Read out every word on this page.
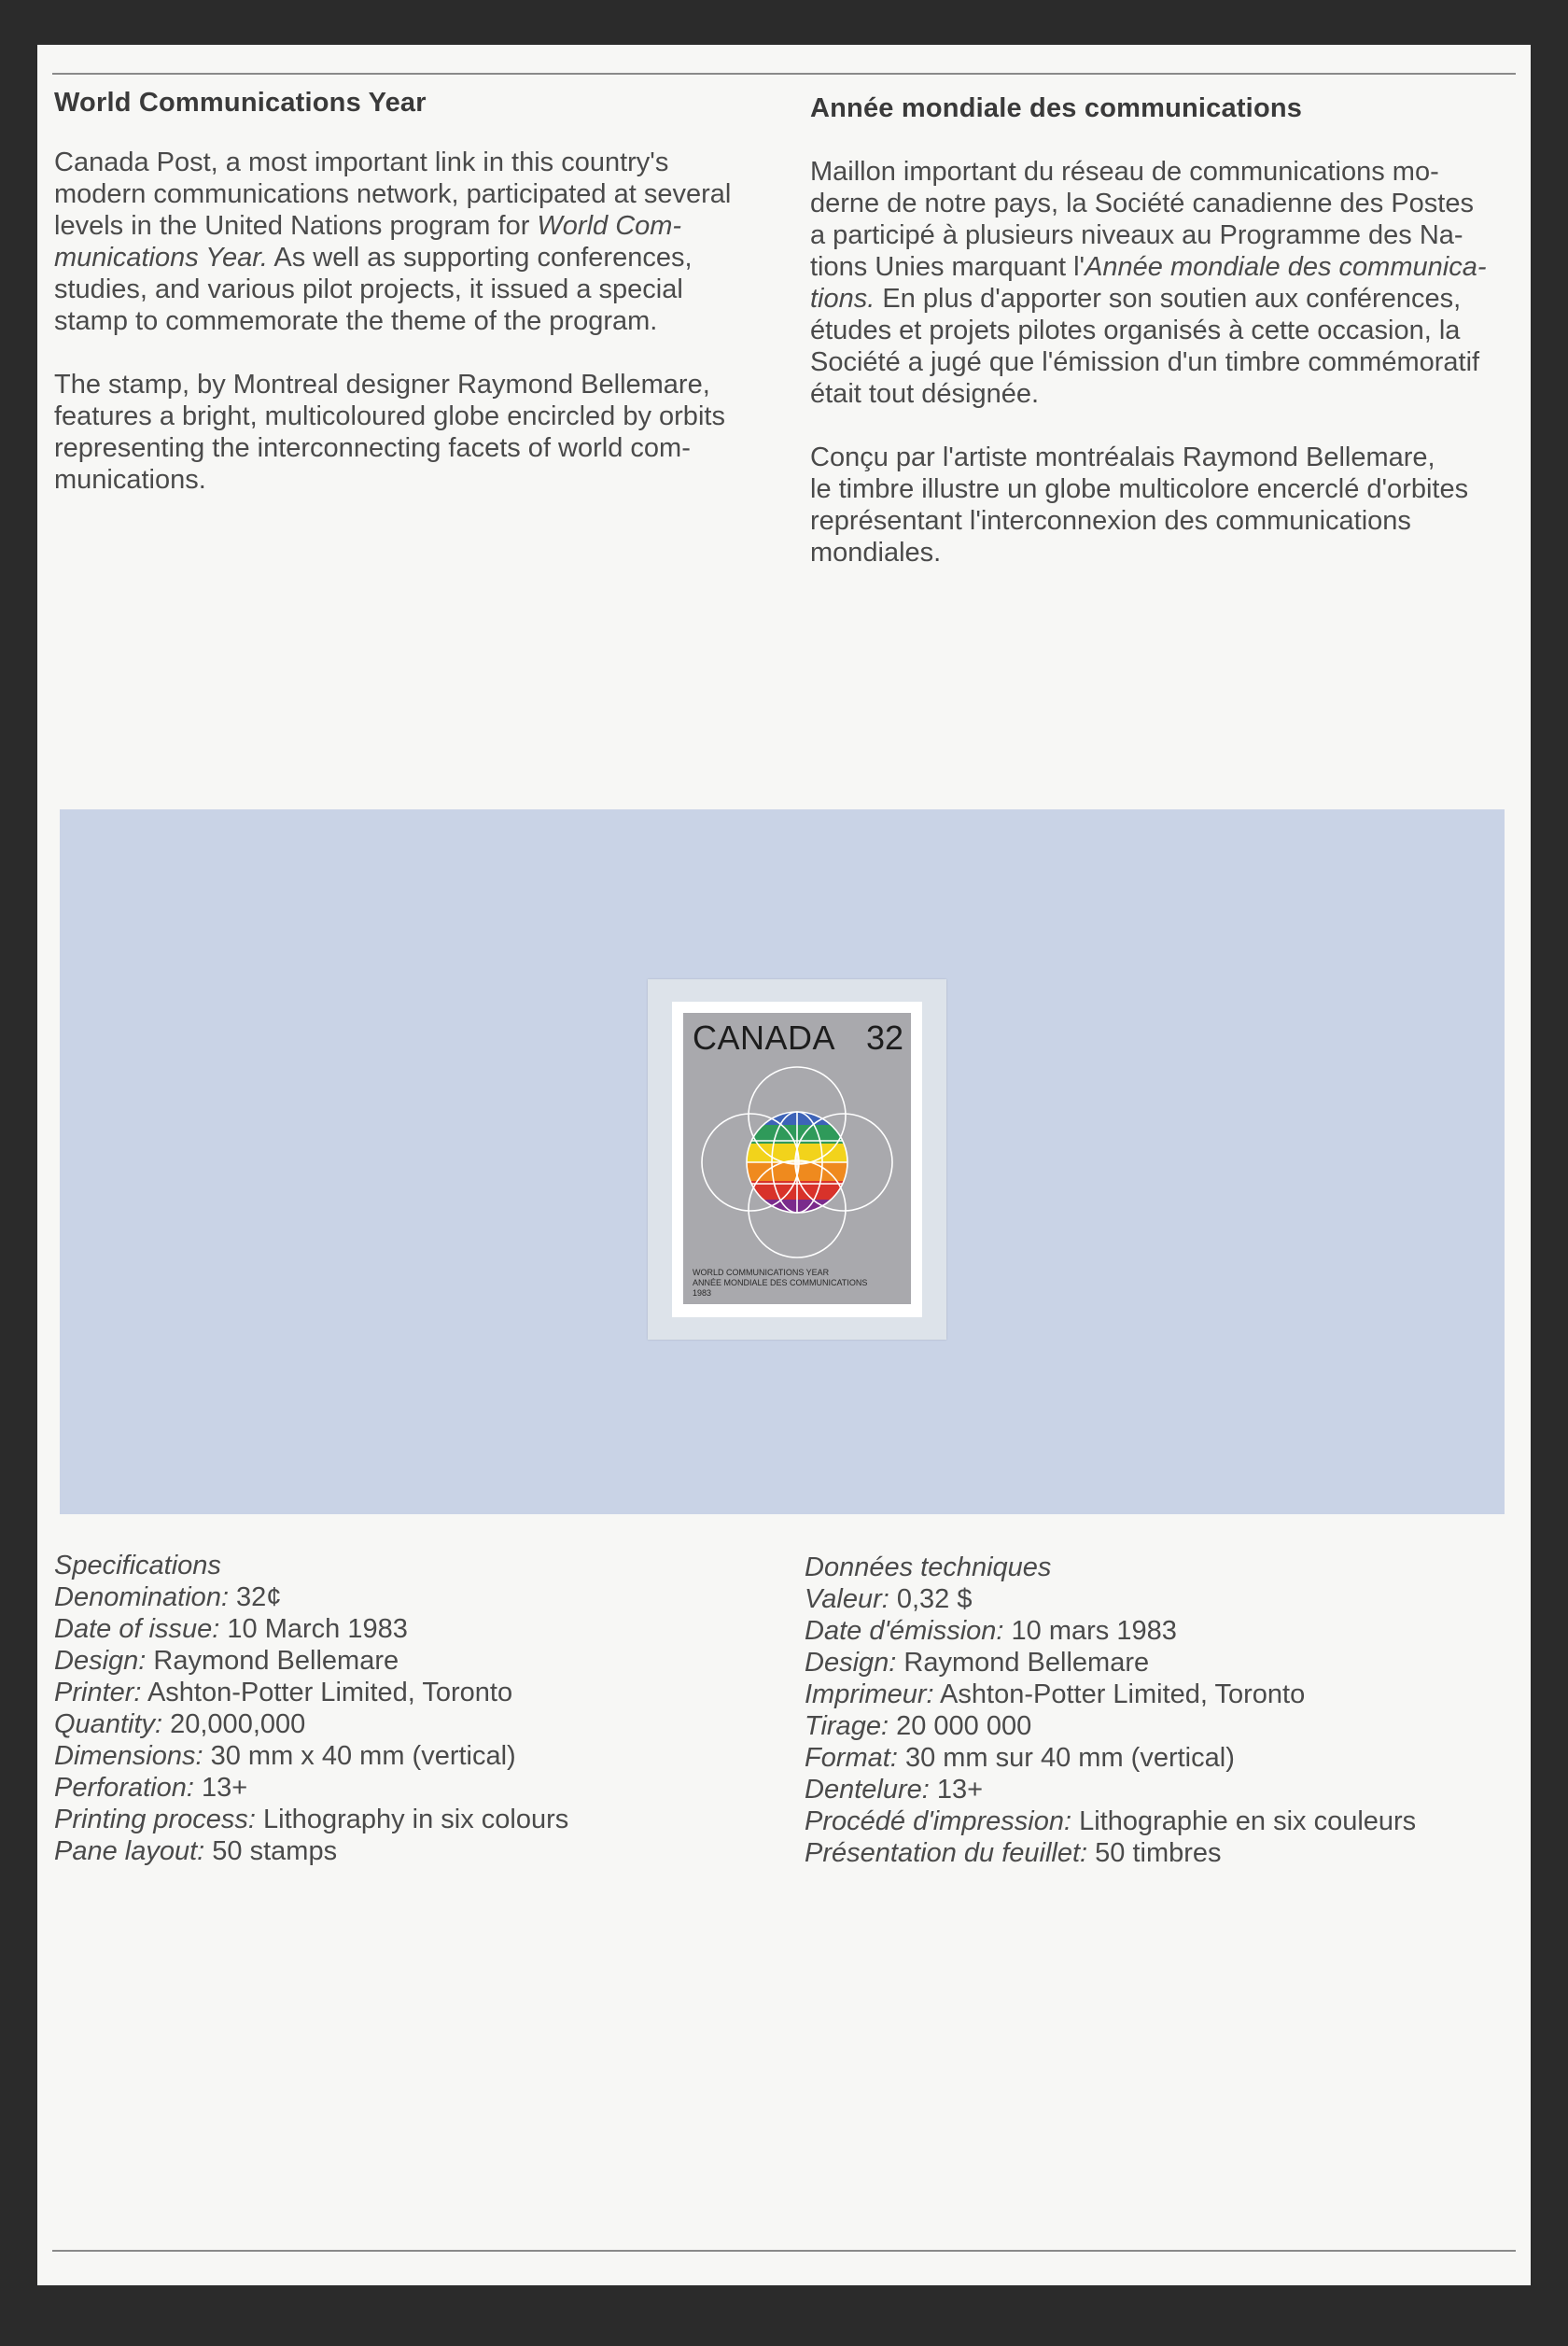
World Communications Year

Canada Post, a most important link in this country's
modern communications network, participated at several
levels in the United Nations program for World Com-
munications Year. As well as supporting conferences,
studies, and various pilot projects, it issued a special
stamp to commemorate the theme of the program.

The stamp, by Montreal designer Raymond Bellemare,
features a bright, multicoloured globe encircled by orbits
representing the interconnecting facets of world com-
munications.

Année mondiale des communications

Maillon important du réseau de communications mo-
derne de notre pays, la Société canadienne des Postes
a participé à plusieurs niveaux au Programme des Na-
tions Unies marquant l'Année mondiale des communica-
tions. En plus d'apporter son soutien aux conférences,
études et projets pilotes organisés à cette occasion, la
Société a jugé que l'émission d'un timbre commémoratif
était tout désignée.

Conçu par l'artiste montréalais Raymond Bellemare,
le timbre illustre un globe multicolore encerclé d'orbites
représentant l'interconnexion des communications
mondiales.

CANADA 32
WORLD COMMUNICATIONS YEAR
ANNÉE MONDIALE DES COMMUNICATIONS
1983
Specifications
Denomination: 32¢
Date of issue: 10 March 1983
Design: Raymond Bellemare
Printer: Ashton-Potter Limited, Toronto
Quantity: 20,000,000
Dimensions: 30 mm x 40 mm (vertical)
Perforation: 13+
Printing process: Lithography in six colours
Pane layout: 50 stamps
Données techniques
Valeur: 0,32 $
Date d'émission: 10 mars 1983
Design: Raymond Bellemare
Imprimeur: Ashton-Potter Limited, Toronto
Tirage: 20 000 000
Format: 30 mm sur 40 mm (vertical)
Dentelure: 13+
Procédé d'impression: Lithographie en six couleurs
Présentation du feuillet: 50 timbres
